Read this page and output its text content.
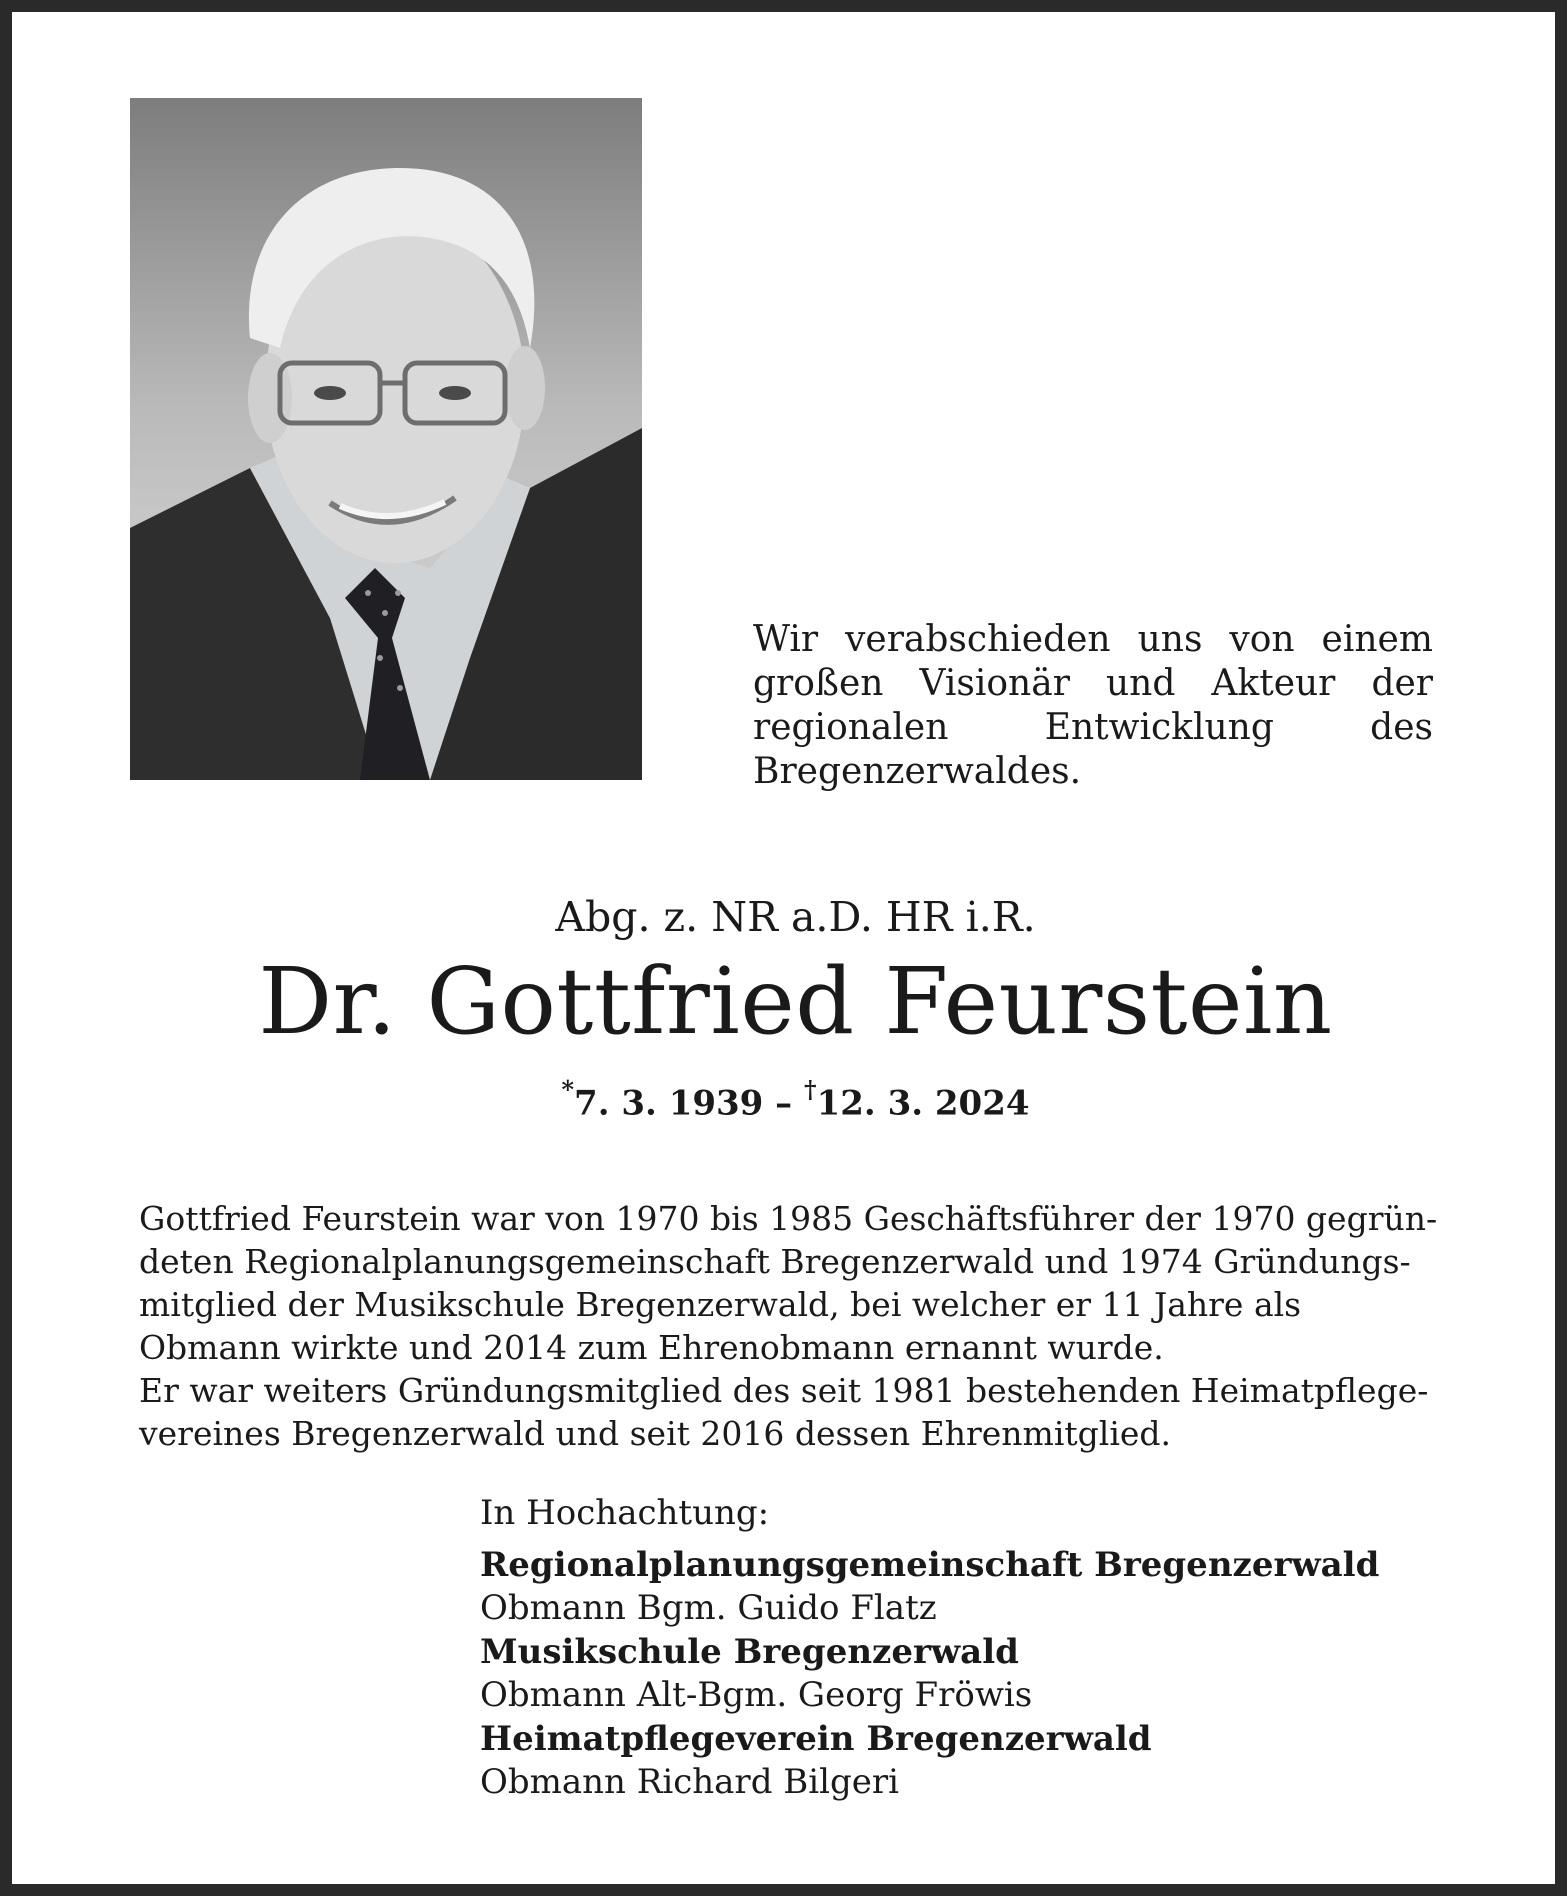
Wir verabschieden uns von einem großen Visionär und Akteur der regionalen Entwicklung des Bregenzerwaldes.
Abg. z. NR a.D. HR i.R.
Dr. Gottfried Feurstein
*7. 3. 1939 – †12. 3. 2024

Gottfried Feurstein war von 1970 bis 1985 Geschäftsführer der 1970 gegründeten Regionalplanungsgemeinschaft Bregenzerwald und 1974 Gründungsmitglied der Musikschule Bregenzerwald, bei welcher er 11 Jahre als Obmann wirkte und 2014 zum Ehrenobmann ernannt wurde.

Er war weiters Gründungsmitglied des seit 1981 bestehenden Heimatpflegevereines Bregenzerwald und seit 2016 dessen Ehrenmitglied.

In Hochachtung:
Regionalplanungsgemeinschaft Bregenzerwald
Obmann Bgm. Guido Flatz
Musikschule Bregenzerwald
Obmann Alt-Bgm. Georg Fröwis
Heimatpflegeverein Bregenzerwald
Obmann Richard Bilgeri
